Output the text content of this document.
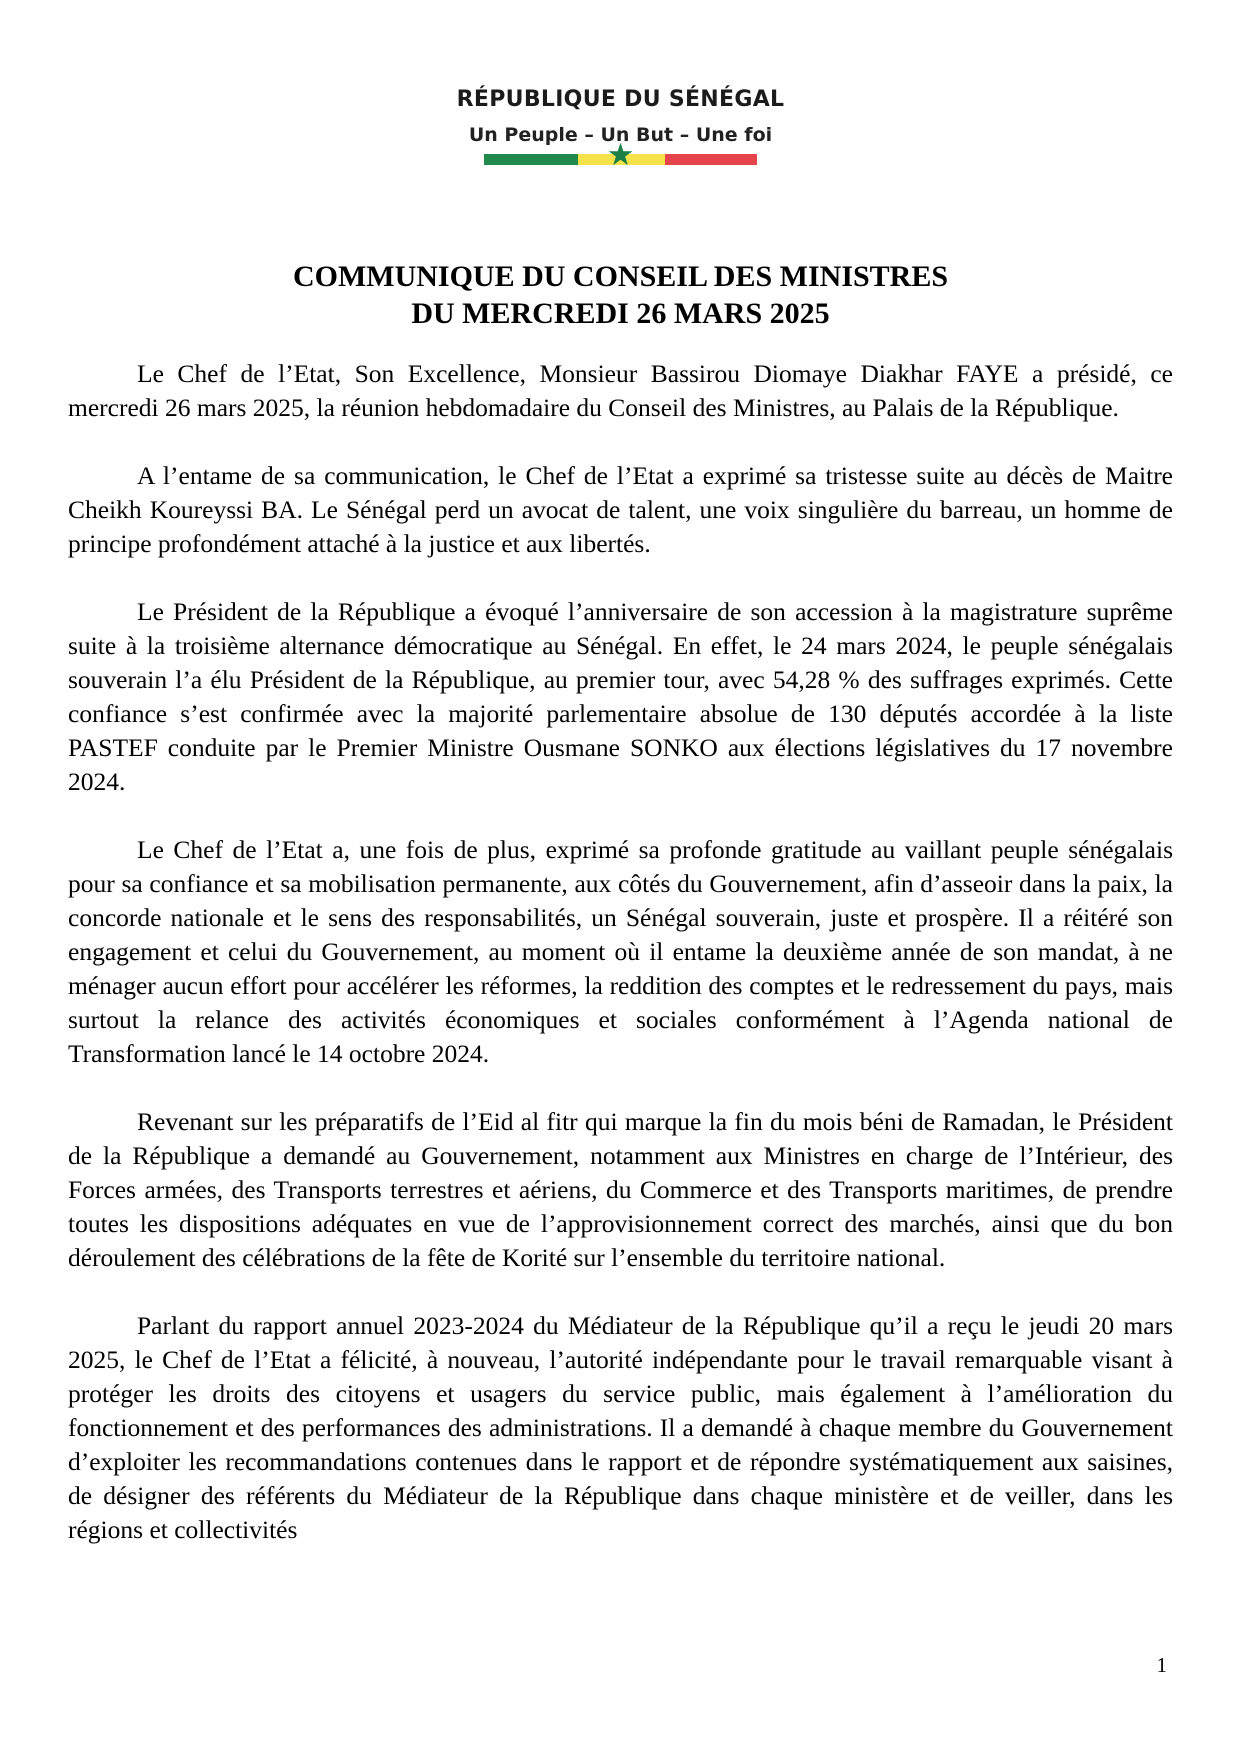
RÉPUBLIQUE DU SÉNÉGAL
Un Peuple – Un But – Une foi
★
COMMUNIQUE DU CONSEIL DES MINISTRES
DU MERCREDI 26 MARS 2025

Le Chef de l’Etat, Son Excellence, Monsieur Bassirou Diomaye Diakhar FAYE a présidé, ce mercredi 26 mars 2025, la réunion hebdomadaire du Conseil des Ministres, au Palais de la République.

A l’entame de sa communication, le Chef de l’Etat a exprimé sa tristesse suite au décès de Maitre Cheikh Koureyssi BA. Le Sénégal perd un avocat de talent, une voix singulière du barreau, un homme de principe profondément attaché à la justice et aux libertés.

Le Président de la République a évoqué l’anniversaire de son accession à la magistrature suprême suite à la troisième alternance démocratique au Sénégal. En effet, le 24 mars 2024, le peuple sénégalais souverain l’a élu Président de la République, au premier tour, avec 54,28 % des suffrages exprimés. Cette confiance s’est confirmée avec la majorité parlementaire absolue de 130 députés accordée à la liste PASTEF conduite par le Premier Ministre Ousmane SONKO aux élections législatives du 17 novembre 2024.

Le Chef de l’Etat a, une fois de plus, exprimé sa profonde gratitude au vaillant peuple sénégalais pour sa confiance et sa mobilisation permanente, aux côtés du Gouvernement, afin d’asseoir dans la paix, la concorde nationale et le sens des responsabilités, un Sénégal souverain, juste et prospère. Il a réitéré son engagement et celui du Gouvernement, au moment où il entame la deuxième année de son mandat, à ne ménager aucun effort pour accélérer les réformes, la reddition des comptes et le redressement du pays, mais surtout la relance des activités économiques et sociales conformément à l’Agenda national de Transformation lancé le 14 octobre 2024.

Revenant sur les préparatifs de l’Eid al fitr qui marque la fin du mois béni de Ramadan, le Président de la République a demandé au Gouvernement, notamment aux Ministres en charge de l’Intérieur, des Forces armées, des Transports terrestres et aériens, du Commerce et des Transports maritimes, de prendre toutes les dispositions adéquates en vue de l’approvisionnement correct des marchés, ainsi que du bon déroulement des célébrations de la fête de Korité sur l’ensemble du territoire national.

Parlant du rapport annuel 2023-2024 du Médiateur de la République qu’il a reçu le jeudi 20 mars 2025, le Chef de l’Etat a félicité, à nouveau, l’autorité indépendante pour le travail remarquable visant à protéger les droits des citoyens et usagers du service public, mais également à l’amélioration du fonctionnement et des performances des administrations. Il a demandé à chaque membre du Gouvernement d’exploiter les recommandations contenues dans le rapport et de répondre systématiquement aux saisines, de désigner des référents du Médiateur de la République dans chaque ministère et de veiller, dans les régions et collectivités

1
